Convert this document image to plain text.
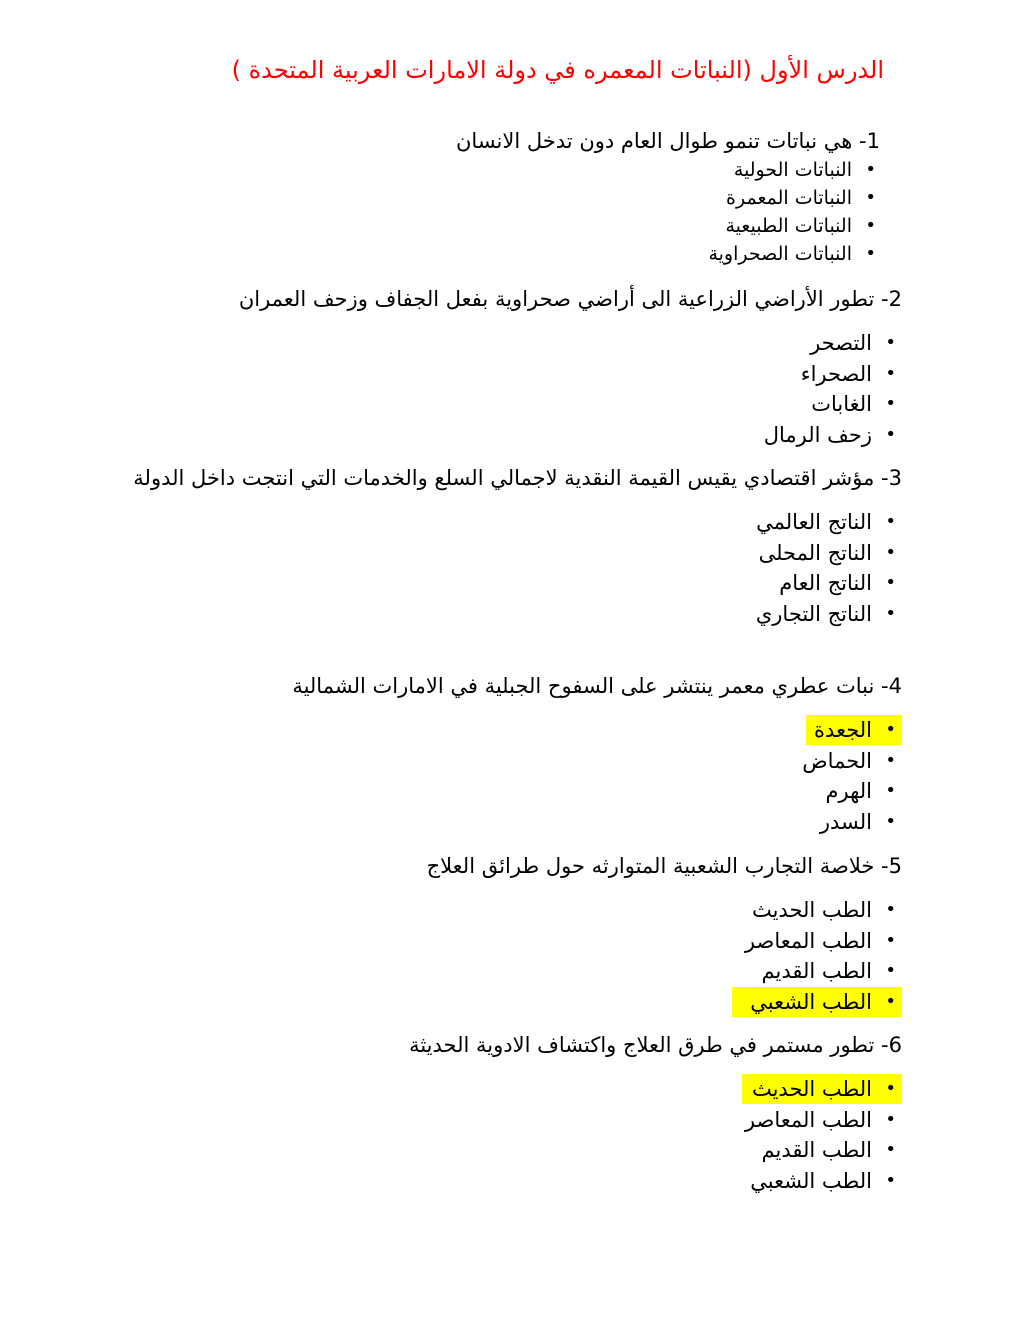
الدرس الأول (النباتات المعمره في دولة الامارات العربية المتحدة )

1- هي نباتات تنمو طوال العام دون تدخل الانسان

•
النباتات الحولية
•
النباتات المعمرة
•
النباتات الطبيعية
•
النباتات الصحراوية

2- تطور الأراضي الزراعية الى أراضي صحراوية بفعل الجفاف وزحف العمران

•
التصحر
•
الصحراء
•
الغابات
•
زحف الرمال

3- مؤشر اقتصادي يقيس القيمة النقدية لاجمالي السلع والخدمات التي انتجت داخل الدولة

•
الناتج العالمي
•
الناتج المحلى
•
الناتج العام
•
الناتج التجاري

4- نبات عطري معمر ينتشر على السفوح الجبلية في الامارات الشمالية

•
الجعدة
•
الحماض
•
الهرم
•
السدر

5- خلاصة التجارب الشعبية المتوارثه حول طرائق العلاج

•
الطب الحديث
•
الطب المعاصر
•
الطب القديم
•
الطب الشعبي

6- تطور مستمر في طرق العلاج واكتشاف الادوية الحديثة

•
الطب الحديث
•
الطب المعاصر
•
الطب القديم
•
الطب الشعبي
